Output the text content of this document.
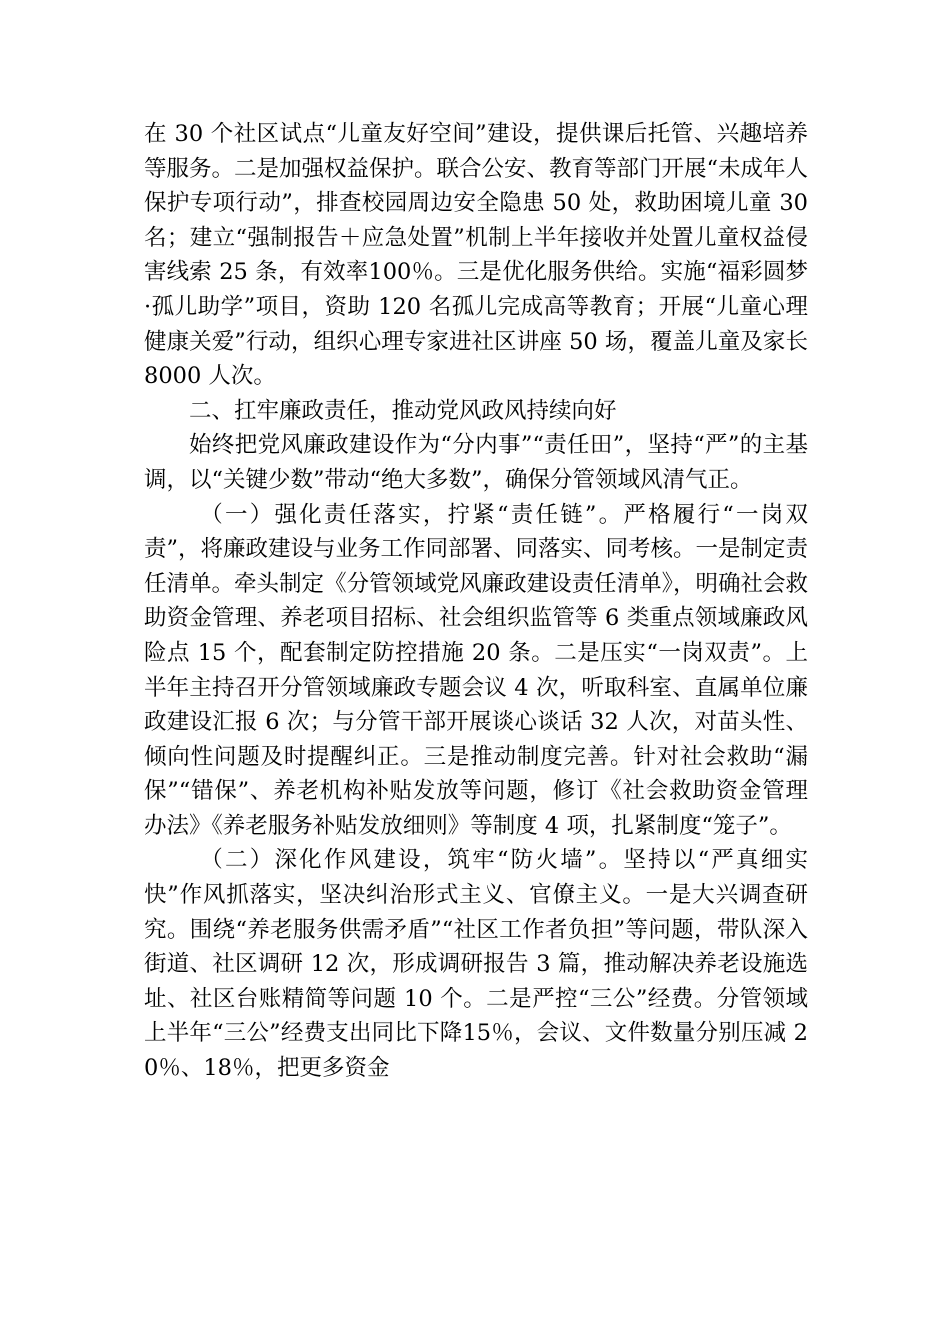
在 30 个社区试点“儿童友好空间”建设，提供课后托管、兴趣培养等服务。二是加强权益保护。联合公安、教育等部门开展“未成年人保护专项行动”，排查校园周边安全隐患 50 处，救助困境儿童 30 名；建立“强制报告＋应急处置”机制上半年接收并处置儿童权益侵害线索 25 条，有效率100％。三是优化服务供给。实施“福彩圆梦·孤儿助学”项目，资助 120 名孤儿完成高等教育；开展“儿童心理健康关爱”行动，组织心理专家进社区讲座 50 场，覆盖儿童及家长 8000 人次。

二、扛牢廉政责任，推动党风政风持续向好

始终把党风廉政建设作为“分内事”“责任田”，坚持“严”的主基调，以“关键少数”带动“绝大多数”，确保分管领域风清气正。

（一）强化责任落实，拧紧“责任链”。严格履行“一岗双责”，将廉政建设与业务工作同部署、同落实、同考核。一是制定责任清单。牵头制定《分管领域党风廉政建设责任清单》，明确社会救助资金管理、养老项目招标、社会组织监管等 6 类重点领域廉政风险点 15 个，配套制定防控措施 20 条。二是压实“一岗双责”。上半年主持召开分管领域廉政专题会议 4 次，听取科室、直属单位廉政建设汇报 6 次；与分管干部开展谈心谈话 32 人次，对苗头性、倾向性问题及时提醒纠正。三是推动制度完善。针对社会救助“漏保”“错保”、养老机构补贴发放等问题，修订《社会救助资金管理办法》《养老服务补贴发放细则》等制度 4 项，扎紧制度“笼子”。

（二）深化作风建设，筑牢“防火墙”。坚持以“严真细实快”作风抓落实，坚决纠治形式主义、官僚主义。一是大兴调查研究。围绕“养老服务供需矛盾”“社区工作者负担”等问题，带队深入街道、社区调研 12 次，形成调研报告 3 篇，推动解决养老设施选址、社区台账精简等问题 10 个。二是严控“三公”经费。分管领域上半年“三公”经费支出同比下降15％，会议、文件数量分别压减 20％、18％，把更多资金
